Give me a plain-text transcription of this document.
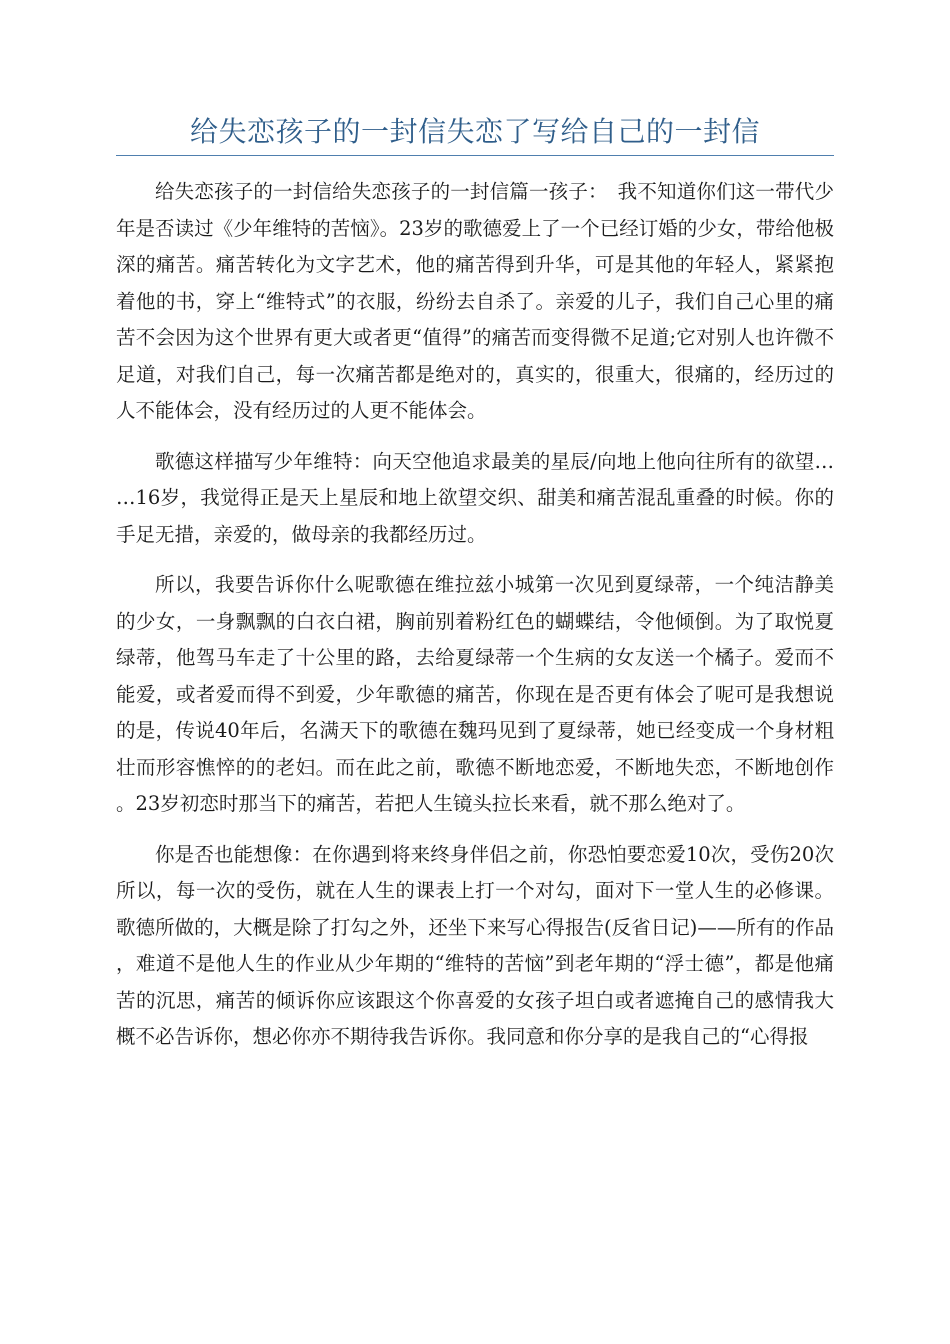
给失恋孩子的一封信失恋了写给自己的一封信

给失恋孩子的一封信给失恋孩子的一封信篇一孩子：　我不知道你们这一带代少年是否读过《少年维特的苦恼》。23岁的歌德爱上了一个已经订婚的少女，带给他极深的痛苦。痛苦转化为文字艺术，他的痛苦得到升华，可是其他的年轻人，紧紧抱着他的书，穿上“维特式”的衣服，纷纷去自杀了。亲爱的儿子，我们自己心里的痛苦不会因为这个世界有更大或者更“值得”的痛苦而变得微不足道;它对别人也许微不足道，对我们自己，每一次痛苦都是绝对的，真实的，很重大，很痛的，经历过的人不能体会，没有经历过的人更不能体会。

歌德这样描写少年维特：向天空他追求最美的星辰/向地上他向往所有的欲望……16岁，我觉得正是天上星辰和地上欲望交织、甜美和痛苦混乱重叠的时候。你的手足无措，亲爱的，做母亲的我都经历过。

所以，我要告诉你什么呢歌德在维拉兹小城第一次见到夏绿蒂，一个纯洁静美的少女，一身飘飘的白衣白裙，胸前别着粉红色的蝴蝶结，令他倾倒。为了取悦夏绿蒂，他驾马车走了十公里的路，去给夏绿蒂一个生病的女友送一个橘子。爱而不能爱，或者爱而得不到爱，少年歌德的痛苦，你现在是否更有体会了呢可是我想说的是，传说40年后，名满天下的歌德在魏玛见到了夏绿蒂，她已经变成一个身材粗壮而形容憔悴的的老妇。而在此之前，歌德不断地恋爱，不断地失恋，不断地创作。23岁初恋时那当下的痛苦，若把人生镜头拉长来看，就不那么绝对了。

你是否也能想像：在你遇到将来终身伴侣之前，你恐怕要恋爱10次，受伤20次所以，每一次的受伤，就在人生的课表上打一个对勾，面对下一堂人生的必修课。歌德所做的，大概是除了打勾之外，还坐下来写心得报告(反省日记)——所有的作品，难道不是他人生的作业从少年期的“维特的苦恼”到老年期的“浮士德”，都是他痛苦的沉思，痛苦的倾诉你应该跟这个你喜爱的女孩子坦白或者遮掩自己的感情我大概不必告诉你，想必你亦不期待我告诉你。我同意和你分享的是我自己的“心得报
